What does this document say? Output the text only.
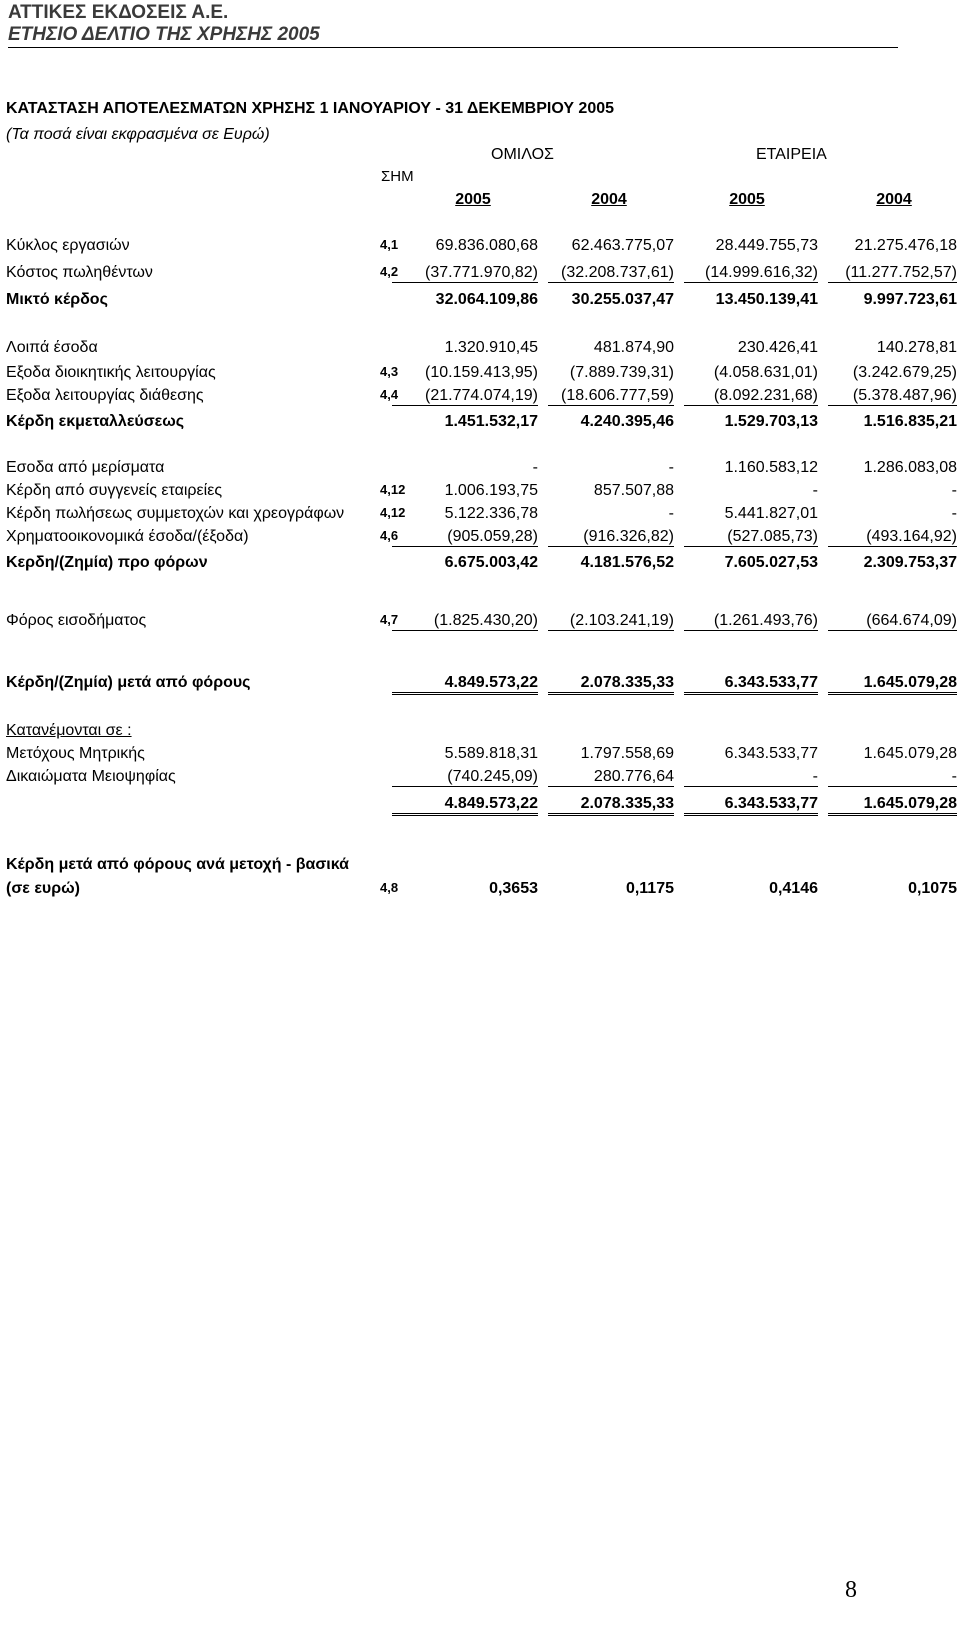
ΑΤΤΙΚΕΣ ΕΚΔΟΣΕΙΣ Α.Ε.
ΕΤΗΣΙΟ ΔΕΛΤΙΟ ΤΗΣ ΧΡΗΣΗΣ 2005
ΚΑΤΑΣΤΑΣΗ ΑΠΟΤΕΛΕΣΜΑΤΩΝ ΧΡΗΣΗΣ 1 ΙΑΝΟΥΑΡΙΟΥ - 31 ΔΕΚΕΜΒΡΙΟΥ 2005
(Τα ποσά είναι εκφρασμένα σε Ευρώ)
ΟΜΙΛΟΣ	ΕΤΑΙΡΕΙΑ
ΣΗΜ
2005	2004	2005	2004
Κύκλος εργασιών	4,1	69.836.080,68	62.463.775,07	28.449.755,73	21.275.476,18
Κόστος πωληθέντων	4,2	(37.771.970,82)	(32.208.737,61)	(14.999.616,32)	(11.277.752,57)
Μικτό κέρδος	32.064.109,86	30.255.037,47	13.450.139,41	9.997.723,61
Λοιπά έσοδα	1.320.910,45	481.874,90	230.426,41	140.278,81
Εξοδα διοικητικής λειτουργίας	4,3	(10.159.413,95)	(7.889.739,31)	(4.058.631,01)	(3.242.679,25)
Εξοδα λειτουργίας διάθεσης	4,4	(21.774.074,19)	(18.606.777,59)	(8.092.231,68)	(5.378.487,96)
Κέρδη εκμεταλλεύσεως	1.451.532,17	4.240.395,46	1.529.703,13	1.516.835,21
Εσοδα από μερίσματα	-	-	1.160.583,12	1.286.083,08
Κέρδη από συγγενείς εταιρείες	4,12	1.006.193,75	857.507,88	-	-
Κέρδη πωλήσεως συμμετοχών και χρεογράφων	4,12	5.122.336,78	-	5.441.827,01	-
Χρηματοοικονομικά έσοδα/(έξοδα)	4,6	(905.059,28)	(916.326,82)	(527.085,73)	(493.164,92)
Κερδη/(Ζημία) προ φόρων	6.675.003,42	4.181.576,52	7.605.027,53	2.309.753,37
Φόρος εισοδήματος	4,7	(1.825.430,20)	(2.103.241,19)	(1.261.493,76)	(664.674,09)
Κέρδη/(Ζημία) μετά από φόρους	4.849.573,22	2.078.335,33	6.343.533,77	1.645.079,28
Κατανέμονται σε :
Μετόχους Μητρικής	5.589.818,31	1.797.558,69	6.343.533,77	1.645.079,28
Δικαιώματα Μειοψηφίας	(740.245,09)	280.776,64	-	-
4.849.573,22	2.078.335,33	6.343.533,77	1.645.079,28
Κέρδη μετά από φόρους ανά μετοχή - βασικά
(σε ευρώ)	4,8	0,3653	0,1175	0,4146	0,1075
8
